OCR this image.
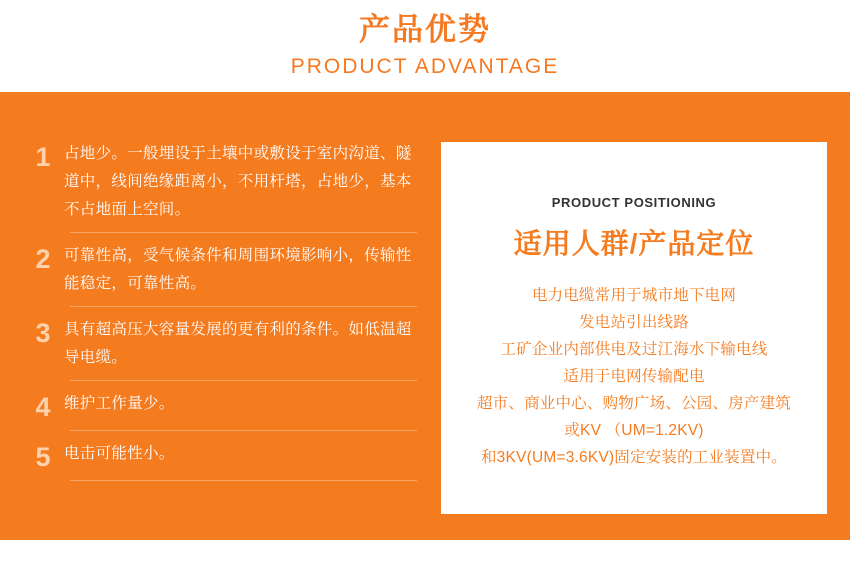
产品优势

PRODUCT ADVANTAGE

1 占地少。一般埋设于土壤中或敷设于室内沟道、隧道中，线间绝缘距离小，不用杆塔，占地少，基本不占地面上空间。
2 可靠性高，受气候条件和周围环境影响小，传输性能稳定，可靠性高。
3 具有超高压大容量发展的更有利的条件。如低温超导电缆。
4 维护工作量少。
5 电击可能性小。
PRODUCT POSITIONING
适用人群/产品定位
电力电缆常用于城市地下电网
发电站引出线路
工矿企业内部供电及过江海水下输电线
适用于电网传输配电
超市、商业中心、购物广场、公园、房产建筑
或KV （UM=1.2KV)
和3KV(UM=3.6KV)固定安装的工业装置中。
